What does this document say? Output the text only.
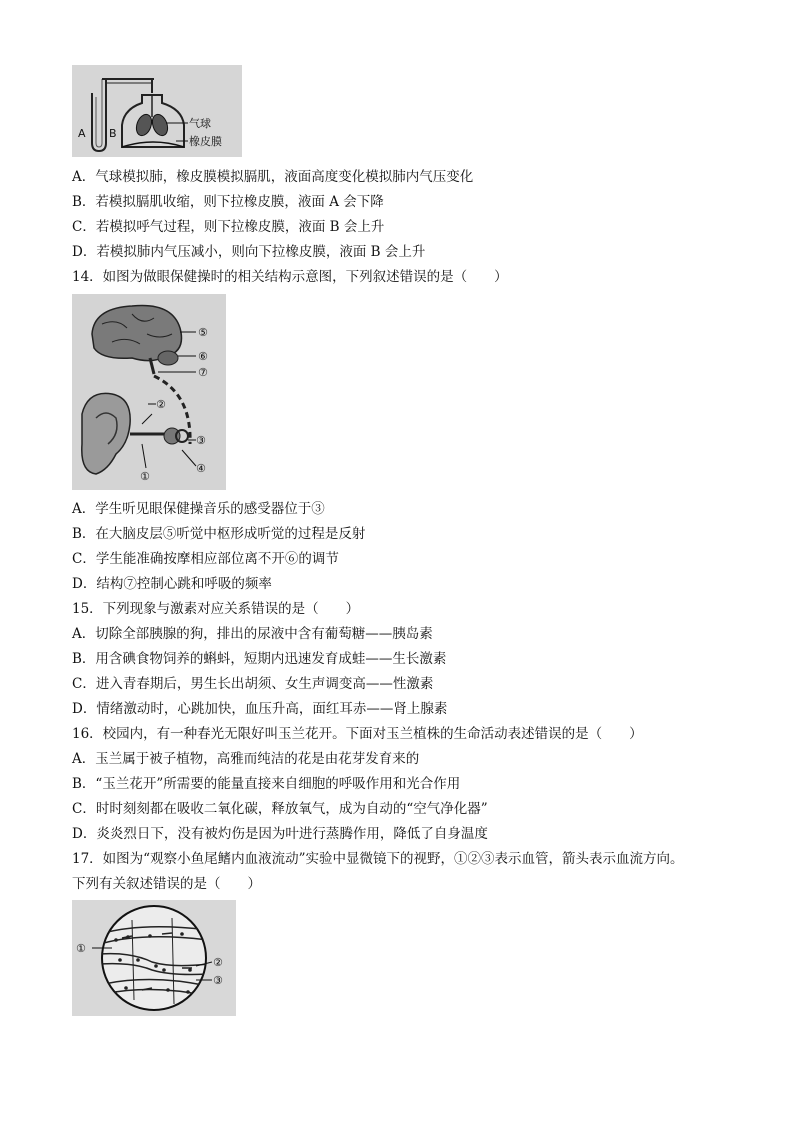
A B
气球
橡皮膜
A．气球模拟肺，橡皮膜模拟膈肌，液面高度变化模拟肺内气压变化
B．若模拟膈肌收缩，则下拉橡皮膜，液面 A 会下降
C．若模拟呼气过程，则下拉橡皮膜，液面 B 会上升
D．若模拟肺内气压减小，则向下拉橡皮膜，液面 B 会上升
14．如图为做眼保健操时的相关结构示意图，下列叙述错误的是（　　）
⑤
⑥
⑦
②
③
①
④
A．学生听见眼保健操音乐的感受器位于③
B．在大脑皮层⑤听觉中枢形成听觉的过程是反射
C．学生能准确按摩相应部位离不开⑥的调节
D．结构⑦控制心跳和呼吸的频率
15．下列现象与激素对应关系错误的是（　　）
A．切除全部胰腺的狗，排出的尿液中含有葡萄糖——胰岛素
B．用含碘食物饲养的蝌蚪，短期内迅速发育成蛙——生长激素
C．进入青春期后，男生长出胡须、女生声调变高——性激素
D．情绪激动时，心跳加快，血压升高，面红耳赤——肾上腺素
16．校园内，有一种春光无限好叫玉兰花开。下面对玉兰植株的生命活动表述错误的是（　　）
A．玉兰属于被子植物，高雅而纯洁的花是由花芽发育来的
B．“玉兰花开”所需要的能量直接来自细胞的呼吸作用和光合作用
C．时时刻刻都在吸收二氧化碳，释放氧气，成为自动的“空气净化器”
D．炎炎烈日下，没有被灼伤是因为叶进行蒸腾作用，降低了自身温度
17．如图为“观察小鱼尾鳍内血液流动”实验中显微镜下的视野，①②③表示血管，箭头表示血流方向。
下列有关叙述错误的是（　　）
①
②
③
